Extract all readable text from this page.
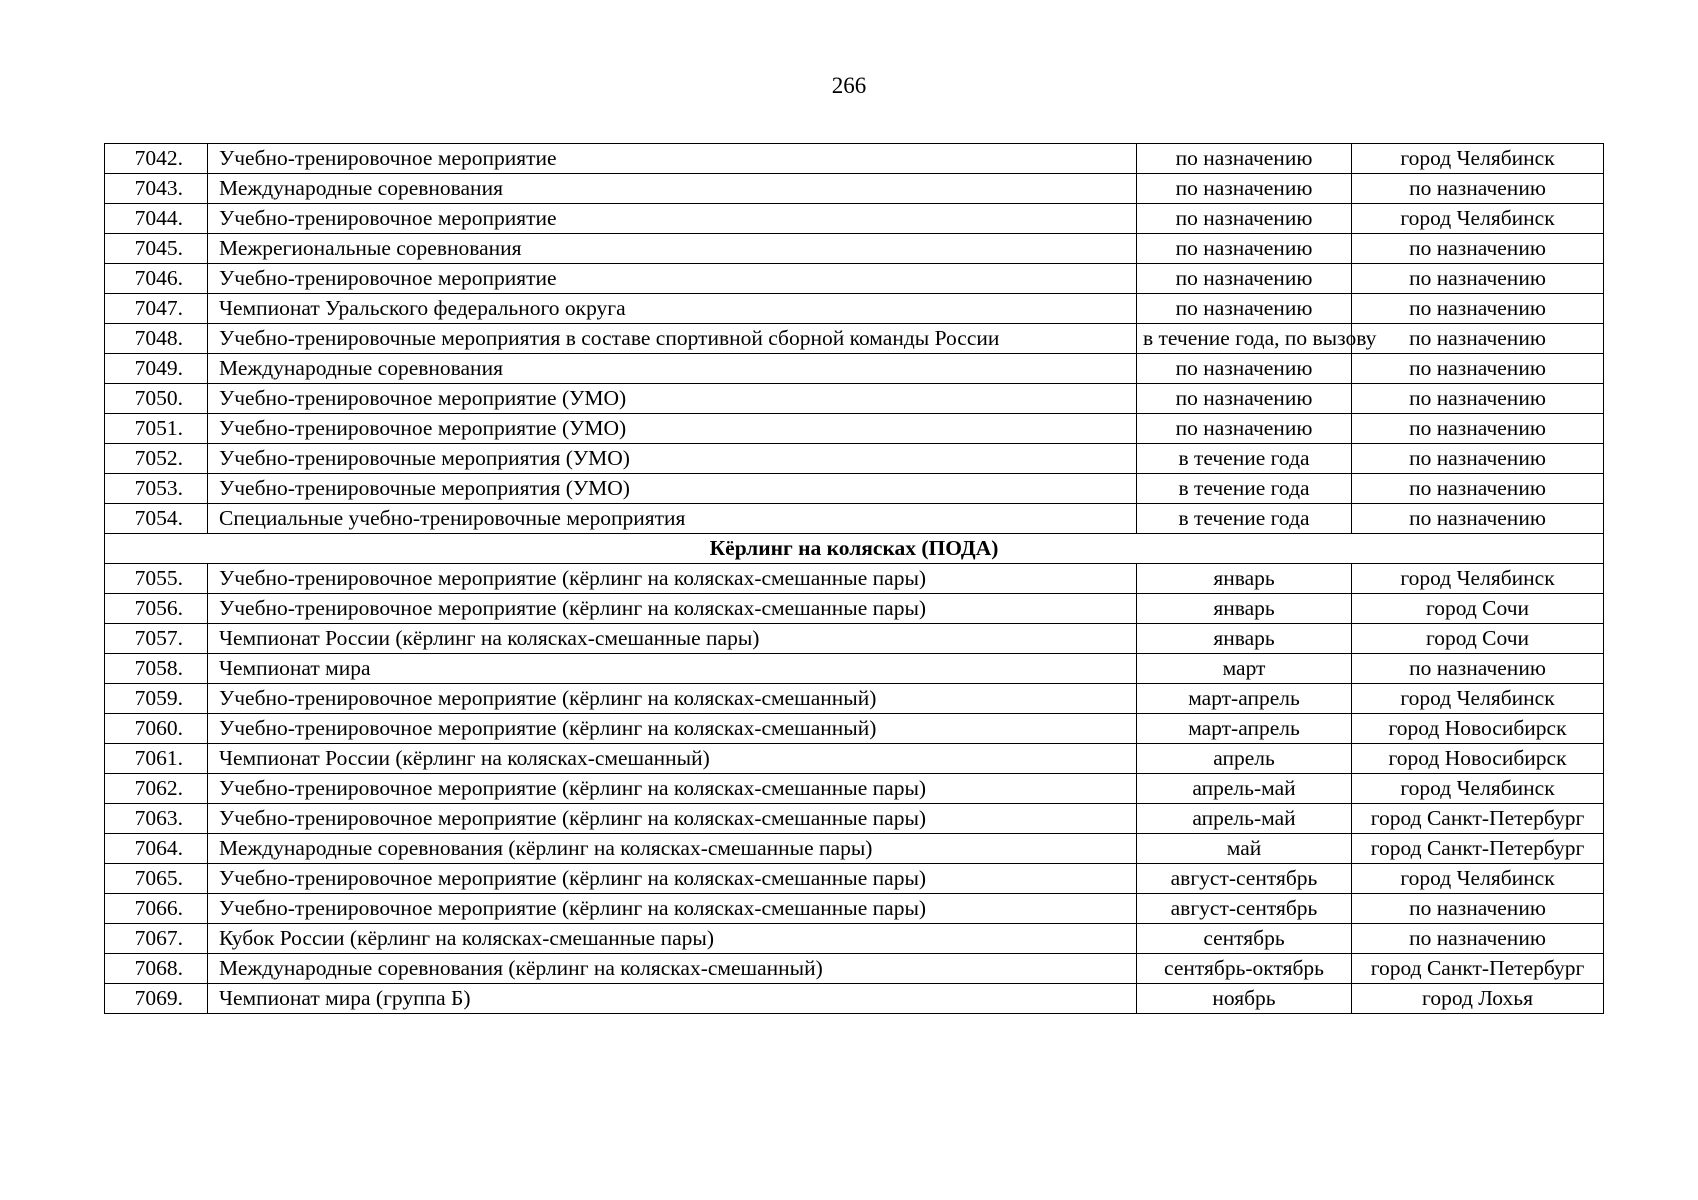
266
7042.	Учебно-тренировочное мероприятие	по назначению	город Челябинск
7043.	Международные соревнования	по назначению	по назначению
7044.	Учебно-тренировочное мероприятие	по назначению	город Челябинск
7045.	Межрегиональные соревнования	по назначению	по назначению
7046.	Учебно-тренировочное мероприятие	по назначению	по назначению
7047.	Чемпионат Уральского федерального округа	по назначению	по назначению
7048.	Учебно-тренировочные мероприятия в составе спортивной сборной команды России	в течение года, по вызову	по назначению
7049.	Международные соревнования	по назначению	по назначению
7050.	Учебно-тренировочное мероприятие (УМО)	по назначению	по назначению
7051.	Учебно-тренировочное мероприятие (УМО)	по назначению	по назначению
7052.	Учебно-тренировочные мероприятия (УМО)	в течение года	по назначению
7053.	Учебно-тренировочные мероприятия (УМО)	в течение года	по назначению
7054.	Специальные учебно-тренировочные мероприятия	в течение года	по назначению
Кёрлинг на колясках (ПОДА)			
7055.	Учебно-тренировочное мероприятие (кёрлинг на колясках-смешанные пары)	январь	город Челябинск
7056.	Учебно-тренировочное мероприятие (кёрлинг на колясках-смешанные пары)	январь	город Сочи
7057.	Чемпионат России (кёрлинг на колясках-смешанные пары)	январь	город Сочи
7058.	Чемпионат мира	март	по назначению
7059.	Учебно-тренировочное мероприятие (кёрлинг на колясках-смешанный)	март-апрель	город Челябинск
7060.	Учебно-тренировочное мероприятие (кёрлинг на колясках-смешанный)	март-апрель	город Новосибирск
7061.	Чемпионат России (кёрлинг на колясках-смешанный)	апрель	город Новосибирск
7062.	Учебно-тренировочное мероприятие (кёрлинг на колясках-смешанные пары)	апрель-май	город Челябинск
7063.	Учебно-тренировочное мероприятие (кёрлинг на колясках-смешанные пары)	апрель-май	город Санкт-Петербург
7064.	Международные соревнования (кёрлинг на колясках-смешанные пары)	май	город Санкт-Петербург
7065.	Учебно-тренировочное мероприятие (кёрлинг на колясках-смешанные пары)	август-сентябрь	город Челябинск
7066.	Учебно-тренировочное мероприятие (кёрлинг на колясках-смешанные пары)	август-сентябрь	по назначению
7067.	Кубок России (кёрлинг на колясках-смешанные пары)	сентябрь	по назначению
7068.	Международные соревнования (кёрлинг на колясках-смешанный)	сентябрь-октябрь	город Санкт-Петербург
7069.	Чемпионат мира (группа Б)	ноябрь	город Лохья
